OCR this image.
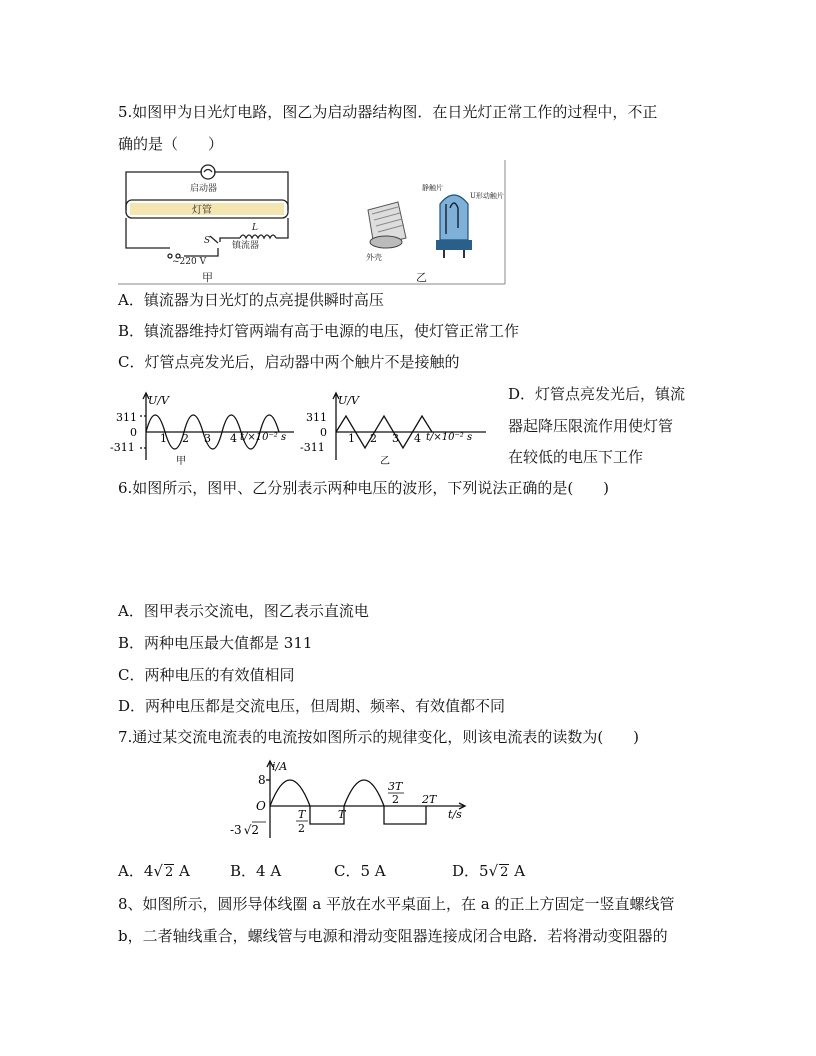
5.如图甲为日光灯电路，图乙为启动器结构图．在日光灯正常工作的过程中，不正
确的是（　　）
启动器
灯管
L
镇流器
S
~220 V
甲
外壳
静触片
U形动触片
乙
A．镇流器为日光灯的点亮提供瞬时高压
B．镇流器维持灯管两端有高于电源的电压，使灯管正常工作
C．灯管点亮发光后，启动器中两个触片不是接触的
D．灯管点亮发光后，镇流
器起降压限流作用使灯管
在较低的电压下工作
U/V
311
0
-311
1 2 3 4 t/×10⁻² s
甲
U/V
311
0
-311
1 2 3 4 t/×10⁻² s
乙
6.如图所示，图甲、乙分别表示两种电压的波形，下列说法正确的是(　　)
A．图甲表示交流电，图乙表示直流电
B．两种电压最大值都是 311
C．两种电压的有效值相同
D．两种电压都是交流电压，但周期、频率、有效值都不同
7.通过某交流电流表的电流按如图所示的规律变化，则该电流表的读数为(　　)
i/A
8
O
-3 √2
T
2
T
3T
2 2T
t/s
A．4√ 2 A	B．4 A	C．5 A	D．5√ 2 A
8、如图所示，圆形导体线圈 a 平放在水平桌面上，在 a 的正上方固定一竖直螺线管
b，二者轴线重合，螺线管与电源和滑动变阻器连接成闭合电路．若将滑动变阻器的
